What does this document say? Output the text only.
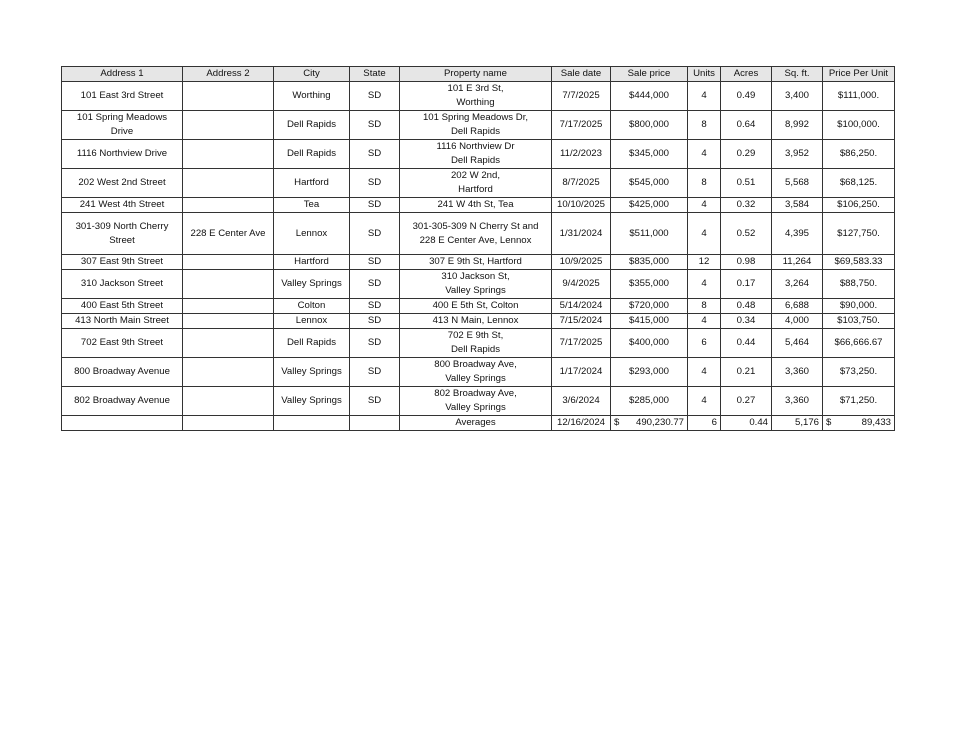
Address 1	Address 2	City	State	Property name	Sale date	Sale price	Units	Acres	Sq. ft.	Price Per Unit
101 East 3rd Street		Worthing	SD	101 E 3rd St, Worthing	7/7/2025	$444,000	4	0.49	3,400	$111,000.
101 Spring Meadows Drive		Dell Rapids	SD	101 Spring Meadows Dr, Dell Rapids	7/17/2025	$800,000	8	0.64	8,992	$100,000.
1116 Northview Drive		Dell Rapids	SD	1116 Northview Dr Dell Rapids	11/2/2023	$345,000	4	0.29	3,952	$86,250.
202 West 2nd Street		Hartford	SD	202 W 2nd, Hartford	8/7/2025	$545,000	8	0.51	5,568	$68,125.
241 West 4th Street		Tea	SD	241 W 4th St, Tea	10/10/2025	$425,000	4	0.32	3,584	$106,250.
301-309 North Cherry Street	228 E Center Ave	Lennox	SD	301-305-309 N Cherry St and 228 E Center Ave, Lennox	1/31/2024	$511,000	4	0.52	4,395	$127,750.
307 East 9th Street		Hartford	SD	307 E 9th St, Hartford	10/9/2025	$835,000	12	0.98	11,264	$69,583.33
310 Jackson Street		Valley Springs	SD	310 Jackson St, Valley Springs	9/4/2025	$355,000	4	0.17	3,264	$88,750.
400 East 5th Street		Colton	SD	400 E 5th St, Colton	5/14/2024	$720,000	8	0.48	6,688	$90,000.
413 North Main Street		Lennox	SD	413 N Main, Lennox	7/15/2024	$415,000	4	0.34	4,000	$103,750.
702 East 9th Street		Dell Rapids	SD	702 E 9th St, Dell Rapids	7/17/2025	$400,000	6	0.44	5,464	$66,666.67
800 Broadway Avenue		Valley Springs	SD	800 Broadway Ave, Valley Springs	1/17/2024	$293,000	4	0.21	3,360	$73,250.
802 Broadway Avenue		Valley Springs	SD	802 Broadway Ave, Valley Springs	3/6/2024	$285,000	4	0.27	3,360	$71,250.
				Averages	12/16/2024	$ 490,230.77	6	0.44	5,176	$ 89,433
